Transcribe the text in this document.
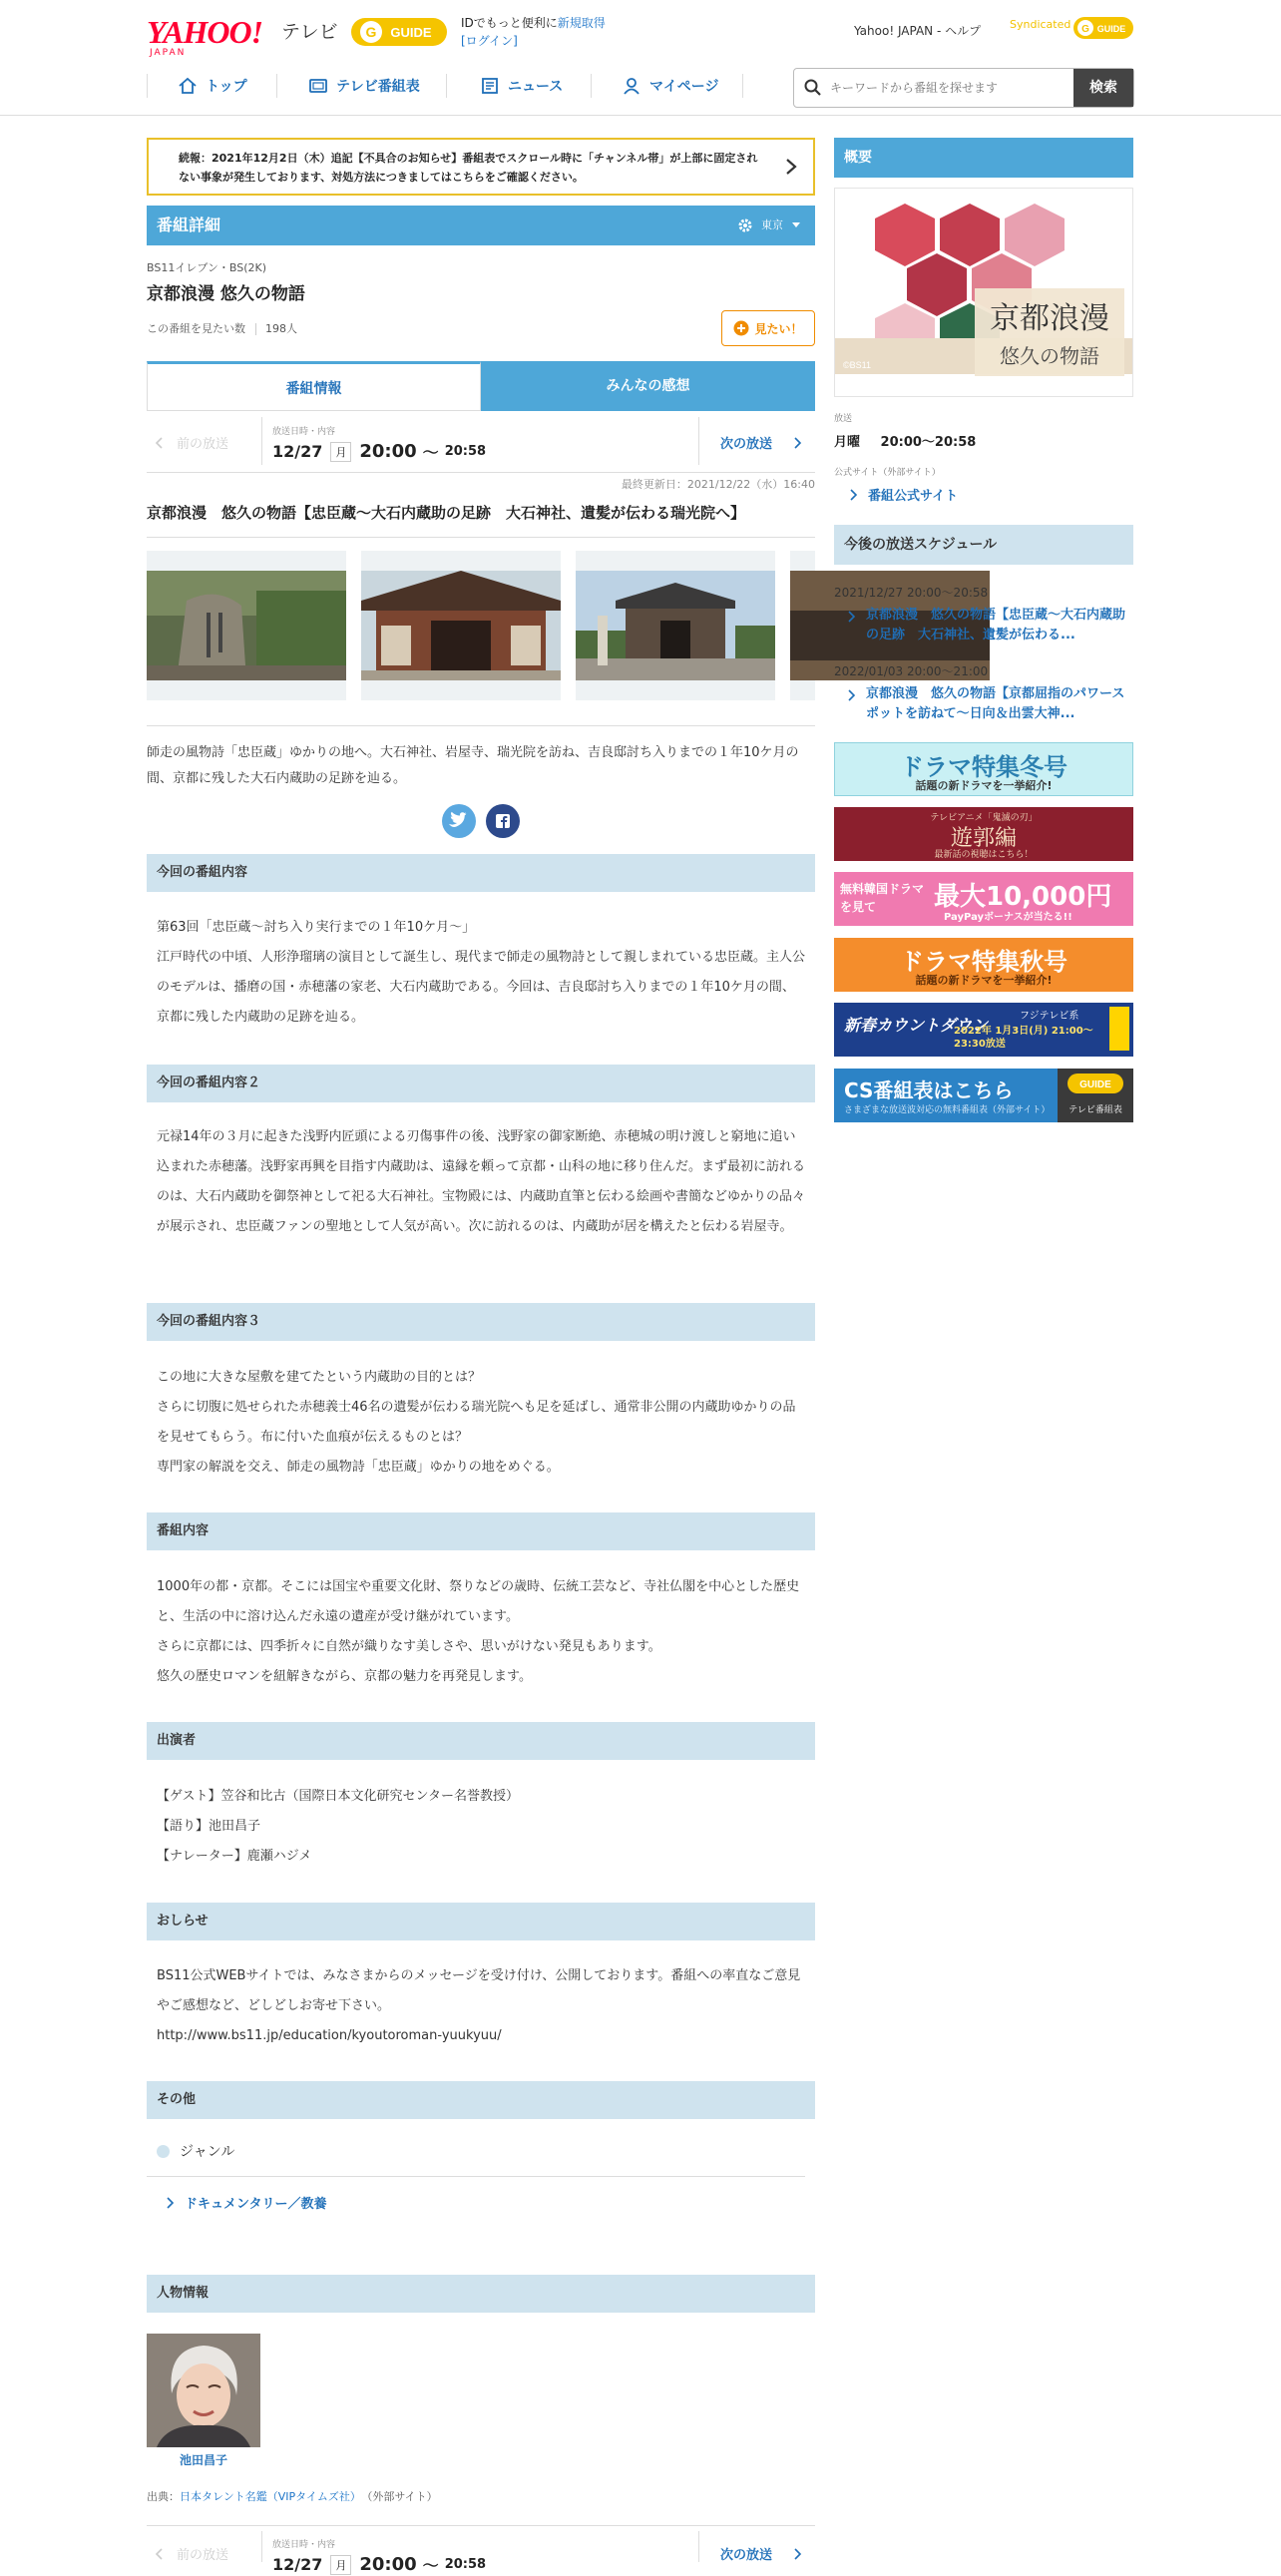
YAHOO!
JAPAN
テレビ G GUIDE
IDでもっと便利に新規取得
[ログイン]
Yahoo! JAPAN - ヘルプ	Syndicated G GUIDE
トップ	テレビ番組表	ニュース	マイページ
キーワードから番組を探せます	検索
続報：2021年12月2日（木）追記【不具合のお知らせ】番組表でスクロール時に「チャンネル帯」が上部に固定されない事象が発生しております、対処方法につきましてはこちらをご確認ください。
番組詳細	東京
BS11イレブン・BS(2K)
京都浪漫 悠久の物語
この番組を見たい数 198人	見たい！
番組情報	みんなの感想
前の放送
放送日時・内容
12/27	月 20:00 〜 20:58	次の放送
最終更新日：2021/12/22（水）16:40
京都浪漫　悠久の物語【忠臣蔵〜大石内蔵助の足跡　大石神社、遺髪が伝わる瑞光院へ】
師走の風物詩「忠臣蔵」ゆかりの地へ。大石神社、岩屋寺、瑞光院を訪ね、吉良邸討ち入りまでの１年10ケ月の間、京都に残した大石内蔵助の足跡を辿る。
今回の番組内容
第63回「忠臣蔵〜討ち入り実行までの１年10ケ月〜」
江戸時代の中頃、人形浄瑠璃の演目として誕生し、現代まで師走の風物詩として親しまれている忠臣蔵。主人公のモデルは、播磨の国・赤穂藩の家老、大石内蔵助である。今回は、吉良邸討ち入りまでの１年10ケ月の間、京都に残した内蔵助の足跡を辿る。
今回の番組内容２
元禄14年の３月に起きた浅野内匠頭による刃傷事件の後、浅野家の御家断絶、赤穂城の明け渡しと窮地に追い込まれた赤穂藩。浅野家再興を目指す内蔵助は、遠縁を頼って京都・山科の地に移り住んだ。まず最初に訪れるのは、大石内蔵助を御祭神として祀る大石神社。宝物殿には、内蔵助直筆と伝わる絵画や書簡などゆかりの品々が展示され、忠臣蔵ファンの聖地として人気が高い。次に訪れるのは、内蔵助が居を構えたと伝わる岩屋寺。
今回の番組内容３
この地に大きな屋敷を建てたという内蔵助の目的とは？
さらに切腹に処せられた赤穂義士46名の遺髪が伝わる瑞光院へも足を延ばし、通常非公開の内蔵助ゆかりの品を見せてもらう。布に付いた血痕が伝えるものとは？
専門家の解説を交え、師走の風物詩「忠臣蔵」ゆかりの地をめぐる。
番組内容
1000年の都・京都。そこには国宝や重要文化財、祭りなどの歳時、伝統工芸など、寺社仏閣を中心とした歴史と、生活の中に溶け込んだ永遠の遺産が受け継がれています。
さらに京都には、四季折々に自然が織りなす美しさや、思いがけない発見もあります。
悠久の歴史ロマンを紐解きながら、京都の魅力を再発見します。
出演者
【ゲスト】笠谷和比古（国際日本文化研究センター名誉教授）
【語り】池田昌子
【ナレーター】鹿瀬ハジメ
おしらせ
BS11公式WEBサイトでは、みなさまからのメッセージを受け付け、公開しております。番組への率直なご意見やご感想など、どしどしお寄せ下さい。
http://www.bs11.jp/education/kyoutoroman-yuukyuu/
その他
ジャンル
ドキュメンタリー／教養
人物情報
池田昌子
出典：日本タレント名鑑（VIPタイムズ社） （外部サイト）
前の放送
放送日時・内容
12/27	月 20:00 〜 20:58
次の放送
概要
京都浪漫
悠久の物語
©BS11
放送
月曜 20:00～20:58
公式サイト（外部サイト）
番組公式サイト
今後の放送スケジュール
2021/12/27 20:00～20:58
京都浪漫　悠久の物語【忠臣蔵〜大石内蔵助の足跡　大石神社、遺髪が伝わる...
2022/01/03 20:00～21:00
京都浪漫　悠久の物語【京都屈指のパワースポットを訪ねて〜日向＆出雲大神...
ドラマ特集冬号
話題の新ドラマを一挙紹介!
テレビアニメ「鬼滅の刃」
遊郭編
最新話の視聴はこちら！
無料韓国ドラマを見て	最大10,000円
PayPayボーナスが当たる!!
ドラマ特集秋号
話題の新ドラマを一挙紹介!
新春カウントダウン	フジテレビ系
2022年 1月3日(月) 21:00〜23:30放送
CS番組表はこちら
さまざまな放送波対応の無料番組表（外部サイト）
GUIDE
テレビ番組表
